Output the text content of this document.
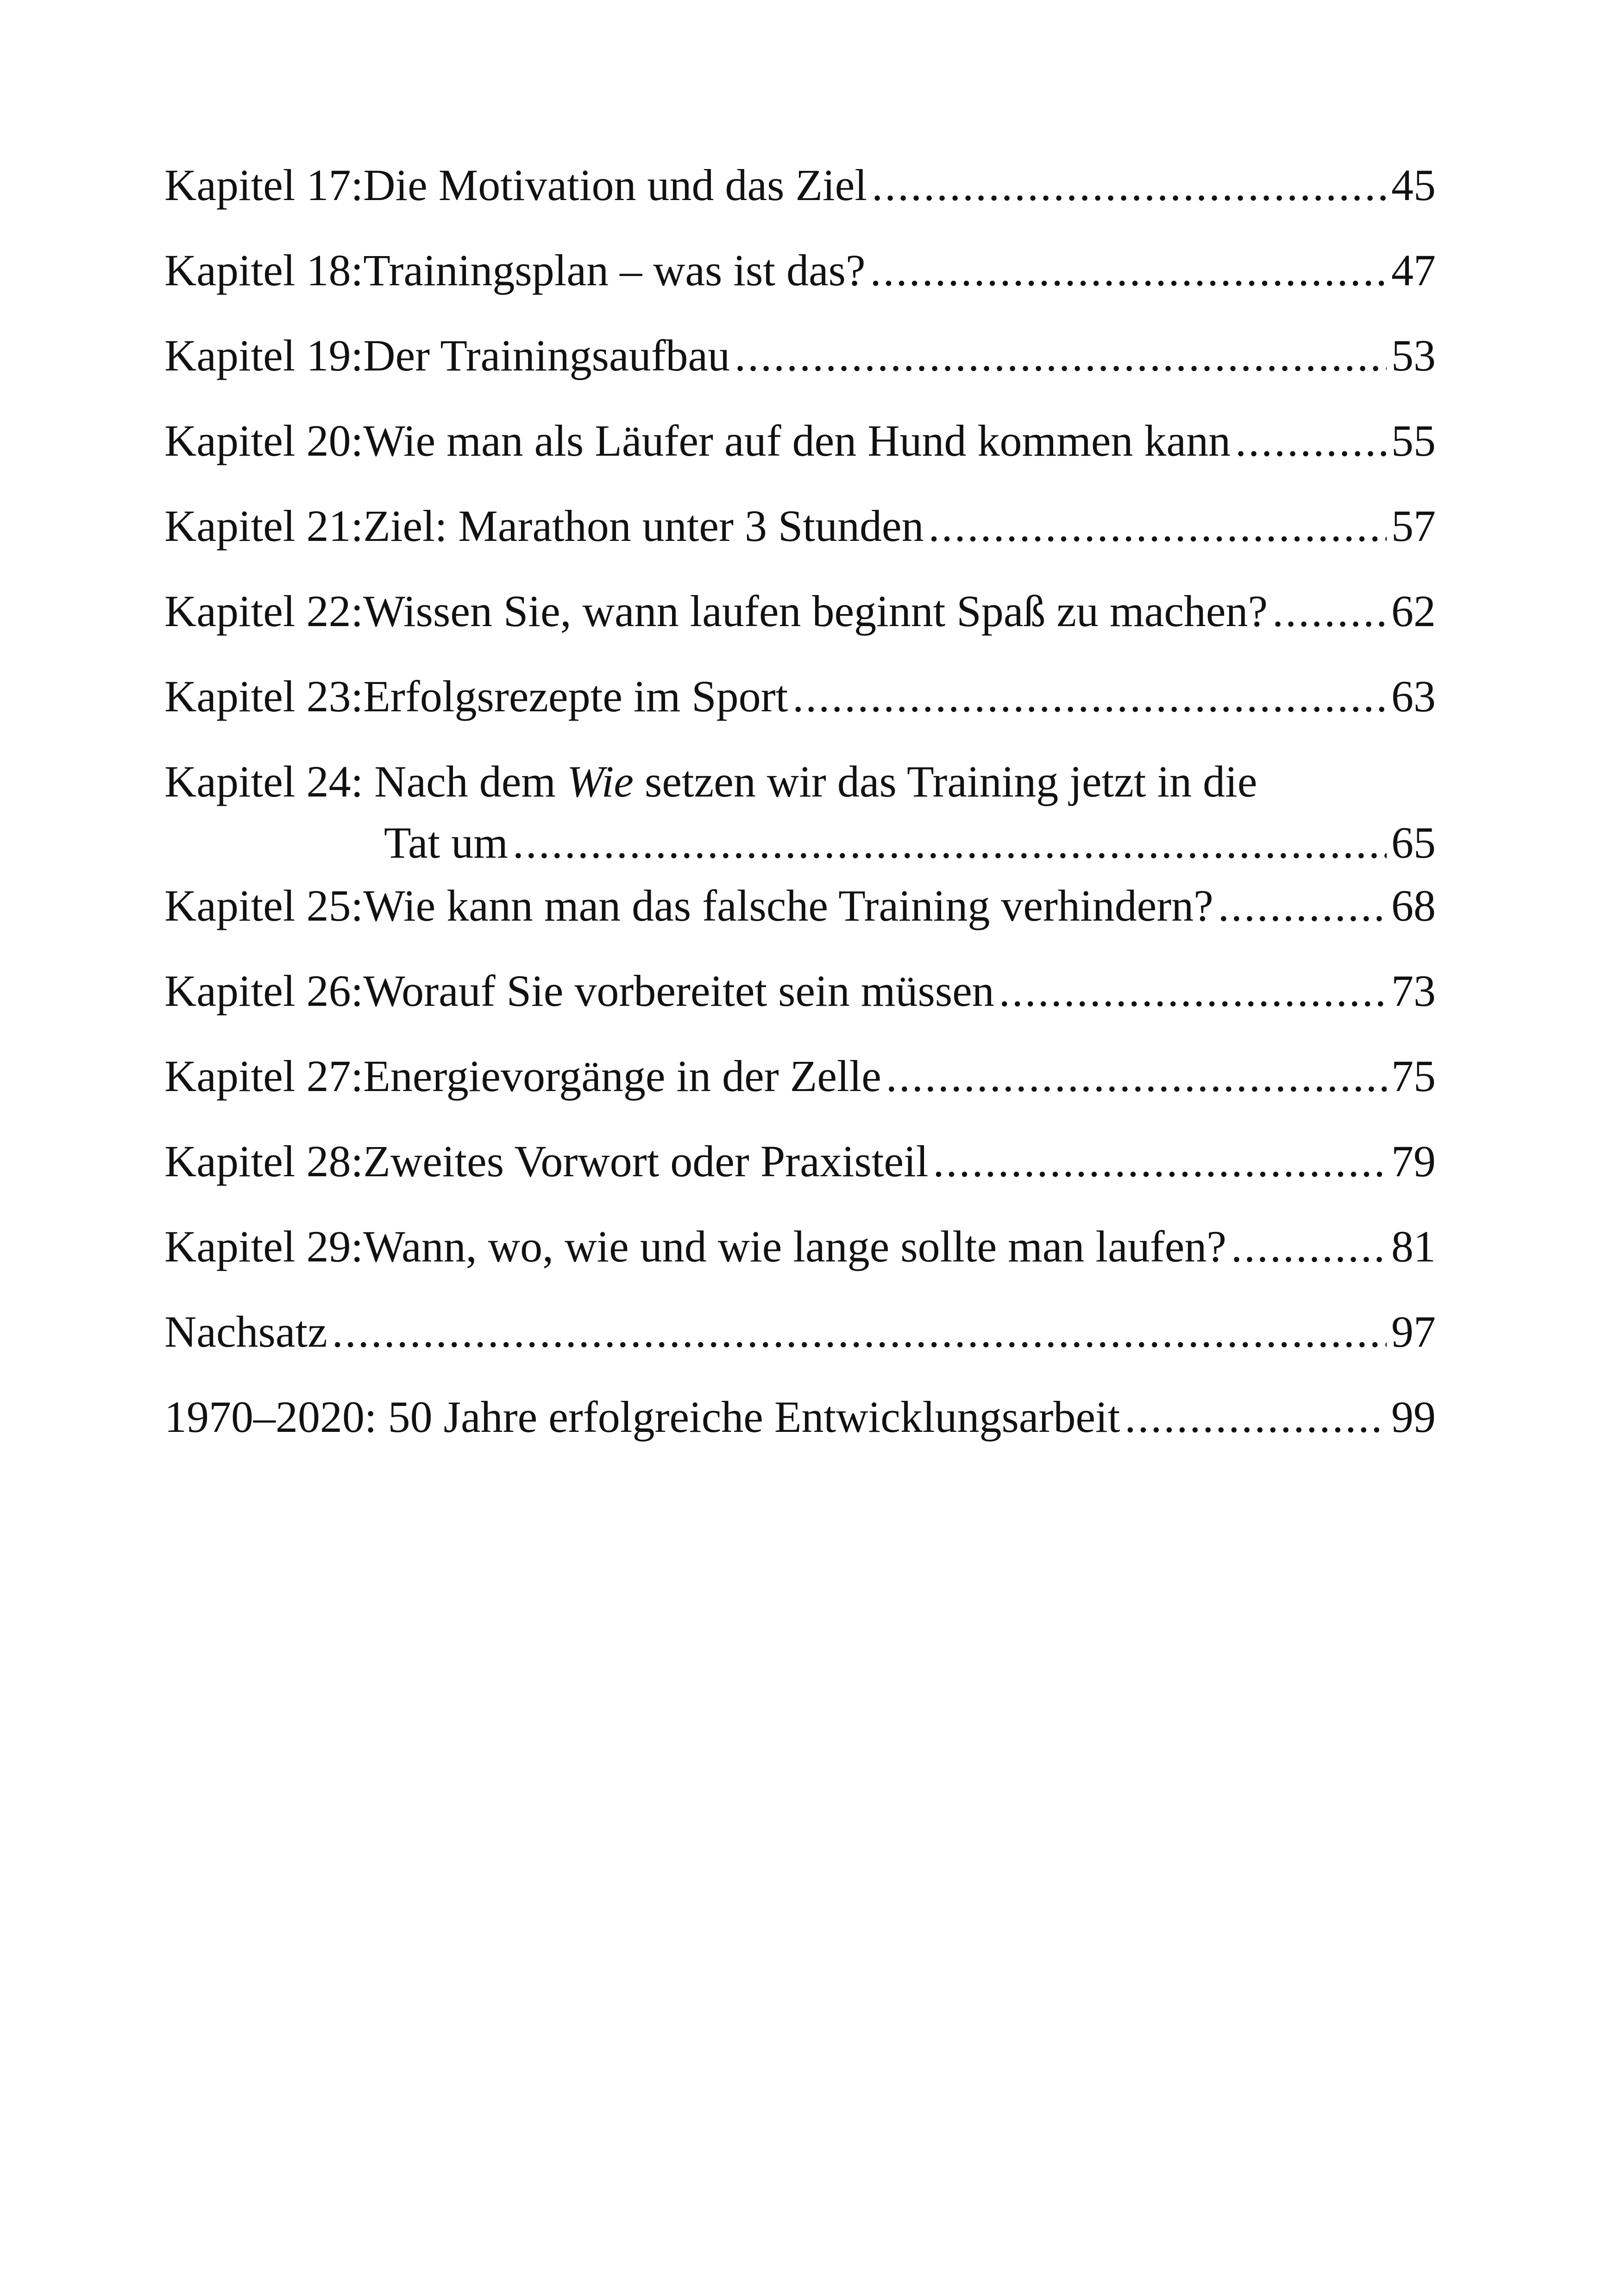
Kapitel 17: Die Motivation und das Ziel .....	45
Kapitel 18: Trainingsplan – was ist das? .....	47
Kapitel 19: Der Trainingsaufbau .....	53
Kapitel 20: Wie man als Läufer auf den Hund kommen kann .....	55
Kapitel 21: Ziel: Marathon unter 3 Stunden .....	57
Kapitel 22: Wissen Sie, wann laufen beginnt Spaß zu machen? .....	62
Kapitel 23: Erfolgsrezepte im Sport .....	63
Kapitel 24: Nach dem Wie setzen wir das Training jetzt in die
Tat um .....	65
Kapitel 25: Wie kann man das falsche Training verhindern? .....	68
Kapitel 26: Worauf Sie vorbereitet sein müssen .....	73
Kapitel 27: Energievorgänge in der Zelle .....	75
Kapitel 28: Zweites Vorwort oder Praxisteil .....	79
Kapitel 29: Wann, wo, wie und wie lange sollte man laufen? .....	81
Nachsatz .....	97
1970–2020: 50 Jahre erfolgreiche Entwicklungsarbeit .....	99
